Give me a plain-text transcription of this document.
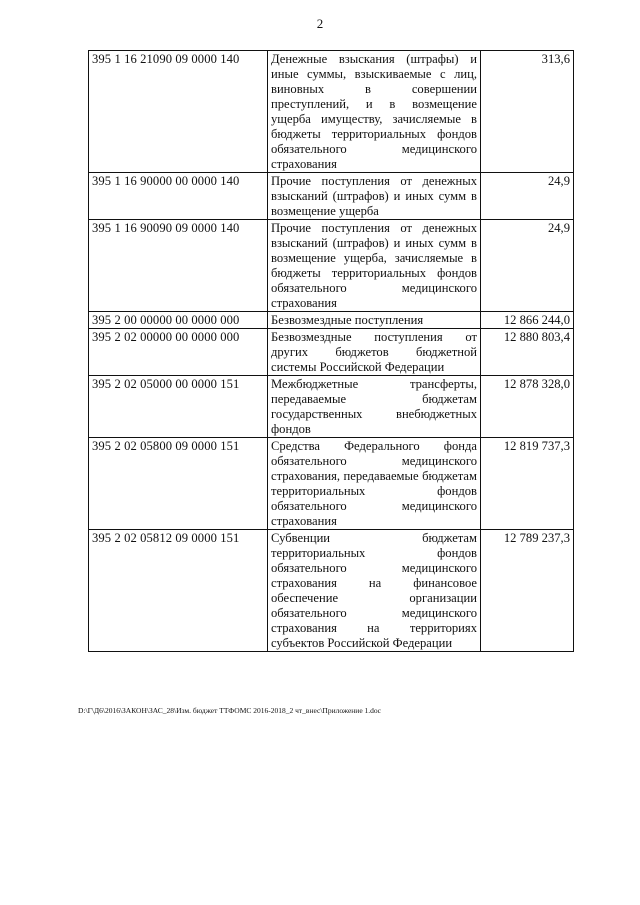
2
395 1 16 21090 09 0000 140	Денежные взыскания (штрафы) и иные суммы, взыскиваемые с лиц, виновных в совершении преступлений, и в возмещение ущерба имуществу, зачисляемые в бюджеты территориальных фондов обязательного медицинского страхования	313,6
395 1 16 90000 00 0000 140	Прочие поступления от денежных взысканий (штрафов) и иных сумм в возмещение ущерба	24,9
395 1 16 90090 09 0000 140	Прочие поступления от денежных взысканий (штрафов) и иных сумм в возмещение ущерба, зачисляемые в бюджеты территориальных фондов обязательного медицинского страхования	24,9
395 2 00 00000 00 0000 000	Безвозмездные поступления	12 866 244,0
395 2 02 00000 00 0000 000	Безвозмездные поступления от других бюджетов бюджетной системы Российской Федерации	12 880 803,4
395 2 02 05000 00 0000 151	Межбюджетные трансферты, передаваемые бюджетам государственных внебюджетных фондов	12 878 328,0
395 2 02 05800 09 0000 151	Средства Федерального фонда обязательного медицинского страхования, передаваемые бюджетам территориальных фондов обязательного медицинского страхования	12 819 737,3
395 2 02 05812 09 0000 151	Субвенции бюджетам территориальных фондов обязательного медицинского страхования на финансовое обеспечение организации обязательного медицинского страхования на территориях субъектов Российской Федерации	12 789 237,3
D:\Г\Д6\2016\ЗАКОН\ЗАС_28\Изм. бюджет ТТФОМС 2016-2018_2 чт_внес\Приложение 1.doc
